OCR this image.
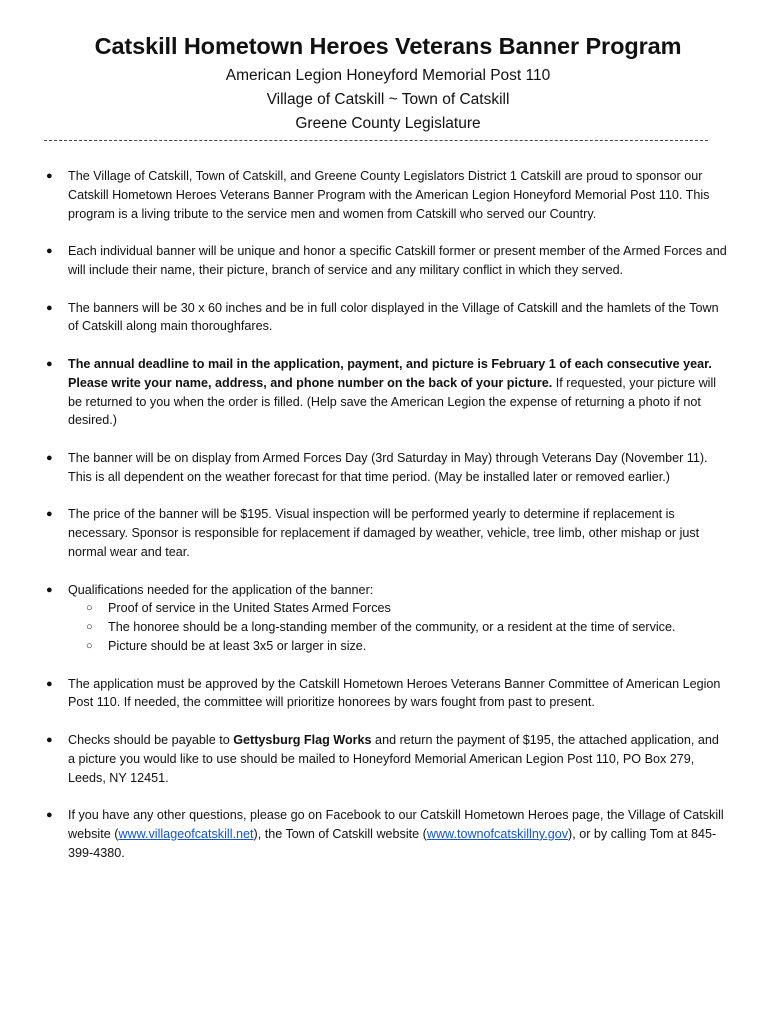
Catskill Hometown Heroes Veterans Banner Program
American Legion Honeyford Memorial Post 110
Village of Catskill ~ Town of Catskill
Greene County Legislature
● The Village of Catskill, Town of Catskill, and Greene County Legislators District 1 Catskill are proud to sponsor our Catskill Hometown Heroes Veterans Banner Program with the American Legion Honeyford Memorial Post 110. This program is a living tribute to the service men and women from Catskill who served our Country.
● Each individual banner will be unique and honor a specific Catskill former or present member of the Armed Forces and will include their name, their picture, branch of service and any military conflict in which they served.
● The banners will be 30 x 60 inches and be in full color displayed in the Village of Catskill and the hamlets of the Town of Catskill along main thoroughfares.
● The annual deadline to mail in the application, payment, and picture is February 1 of each consecutive year. Please write your name, address, and phone number on the back of your picture. If requested, your picture will be returned to you when the order is filled. (Help save the American Legion the expense of returning a photo if not desired.)
● The banner will be on display from Armed Forces Day (3rd Saturday in May) through Veterans Day (November 11). This is all dependent on the weather forecast for that time period. (May be installed later or removed earlier.)
● The price of the banner will be $195. Visual inspection will be performed yearly to determine if replacement is necessary. Sponsor is responsible for replacement if damaged by weather, vehicle, tree limb, other mishap or just normal wear and tear.
● Qualifications needed for the application of the banner:
○ Proof of service in the United States Armed Forces
○ The honoree should be a long-standing member of the community, or a resident at the time of service.
○ Picture should be at least 3x5 or larger in size.
● The application must be approved by the Catskill Hometown Heroes Veterans Banner Committee of American Legion Post 110. If needed, the committee will prioritize honorees by wars fought from past to present.
● Checks should be payable to Gettysburg Flag Works and return the payment of $195, the attached application, and a picture you would like to use should be mailed to Honeyford Memorial American Legion Post 110, PO Box 279, Leeds, NY 12451.
● If you have any other questions, please go on Facebook to our Catskill Hometown Heroes page, the Village of Catskill website (www.villageofcatskill.net), the Town of Catskill website (www.townofcatskillny.gov), or by calling Tom at 845-399-4380.
